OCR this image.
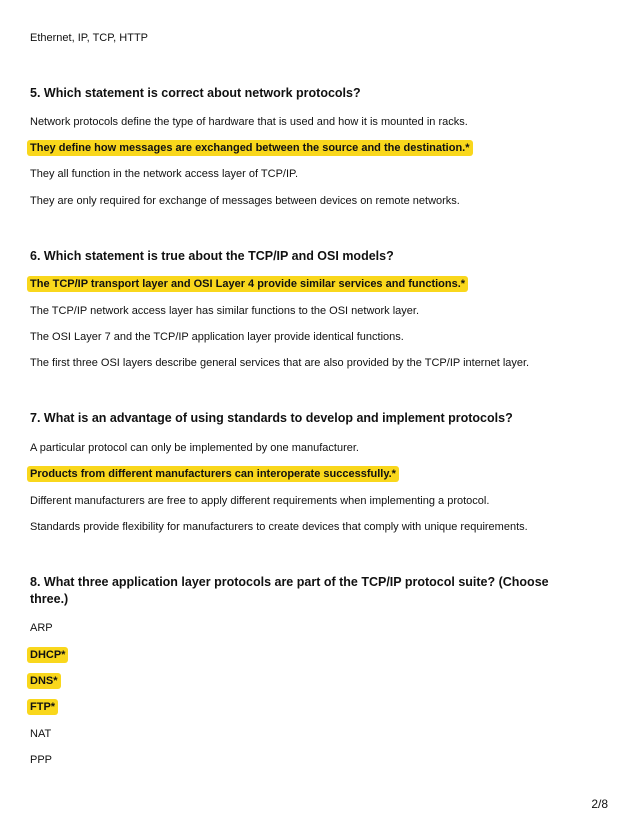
Ethernet, IP, TCP, HTTP
5. Which statement is correct about network protocols?
Network protocols define the type of hardware that is used and how it is mounted in racks.
They define how messages are exchanged between the source and the destination.*
They all function in the network access layer of TCP/IP.
They are only required for exchange of messages between devices on remote networks.
6. Which statement is true about the TCP/IP and OSI models?
The TCP/IP transport layer and OSI Layer 4 provide similar services and functions.*
The TCP/IP network access layer has similar functions to the OSI network layer.
The OSI Layer 7 and the TCP/IP application layer provide identical functions.
The first three OSI layers describe general services that are also provided by the TCP/IP internet layer.
7. What is an advantage of using standards to develop and implement protocols?
A particular protocol can only be implemented by one manufacturer.
Products from different manufacturers can interoperate successfully.*
Different manufacturers are free to apply different requirements when implementing a protocol.
Standards provide flexibility for manufacturers to create devices that comply with unique requirements.
8. What three application layer protocols are part of the TCP/IP protocol suite? (Choose three.)
ARP
DHCP*
DNS*
FTP*
NAT
PPP
2/8
